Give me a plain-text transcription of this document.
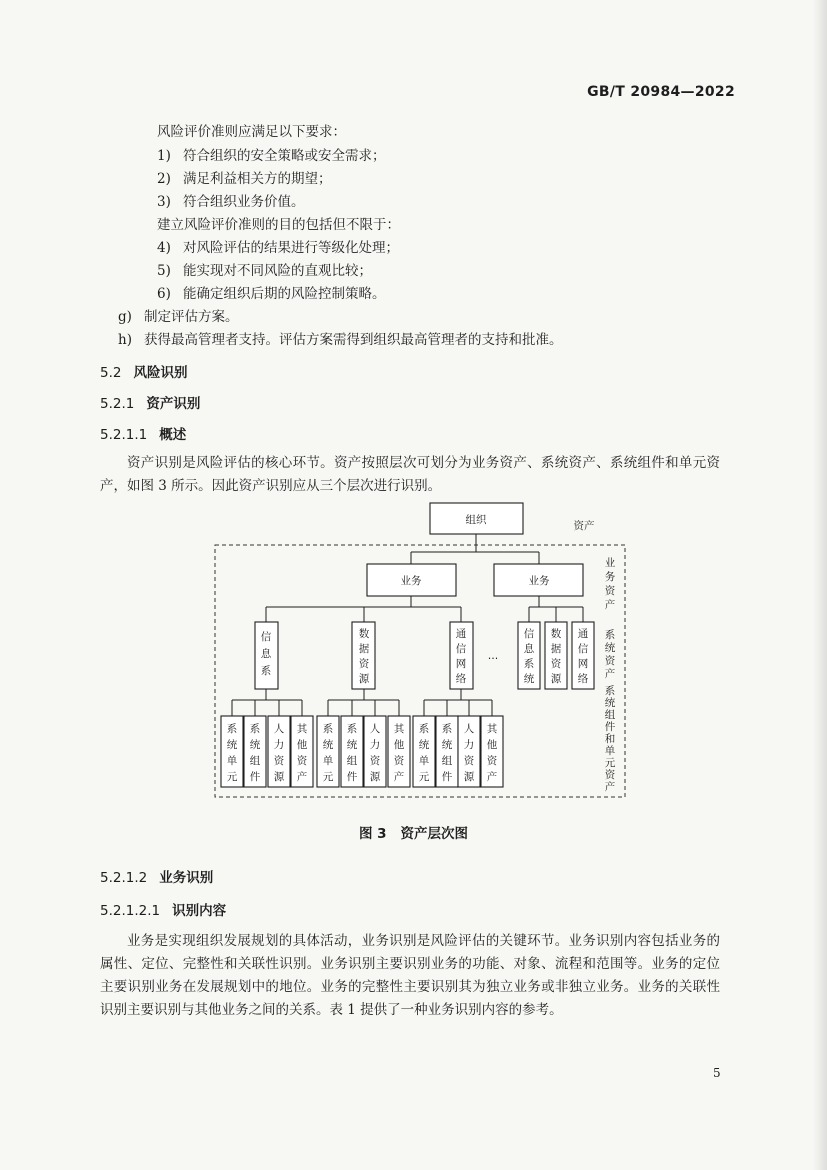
GB/T 20984—2022
风险评价准则应满足以下要求：
1) 符合组织的安全策略或安全需求；
2) 满足利益相关方的期望；
3) 符合组织业务价值。
建立风险评价准则的目的包括但不限于：
4) 对风险评估的结果进行等级化处理；
5) 能实现对不同风险的直观比较；
6) 能确定组织后期的风险控制策略。
g) 制定评估方案。
h) 获得最高管理者支持。评估方案需得到组织最高管理者的支持和批准。
5.2 风险识别
5.2.1 资产识别
5.2.1.1 概述
资产识别是风险评估的核心环节。资产按照层次可划分为业务资产、系统资产、系统组件和单元资产，如图 3 所示。因此资产识别应从三个层次进行识别。
组织	资产
业务	业务
业
务
资
产
信
息
系
数
据
资
源
通
信
网
络
…
信
息
系
统
数
据
资
源
通
信
网
络
系
统
资
产
系
统
单
元
系
统
组
件
人
力
资
源
其
他
资
产
系
统
单
元
系
统
组
件
人
力
资
源
其
他
资
产
系
统
单
元
系
统
组
件
人
力
资
源
其
他
资
产
系
统
组
件
和
单
元
资
产
图 3 资产层次图
5.2.1.2 业务识别
5.2.1.2.1 识别内容
业务是实现组织发展规划的具体活动，业务识别是风险评估的关键环节。业务识别内容包括业务的属性、定位、完整性和关联性识别。业务识别主要识别业务的功能、对象、流程和范围等。业务的定位主要识别业务在发展规划中的地位。业务的完整性主要识别其为独立业务或非独立业务。业务的关联性识别主要识别与其他业务之间的关系。表 1 提供了一种业务识别内容的参考。
5
